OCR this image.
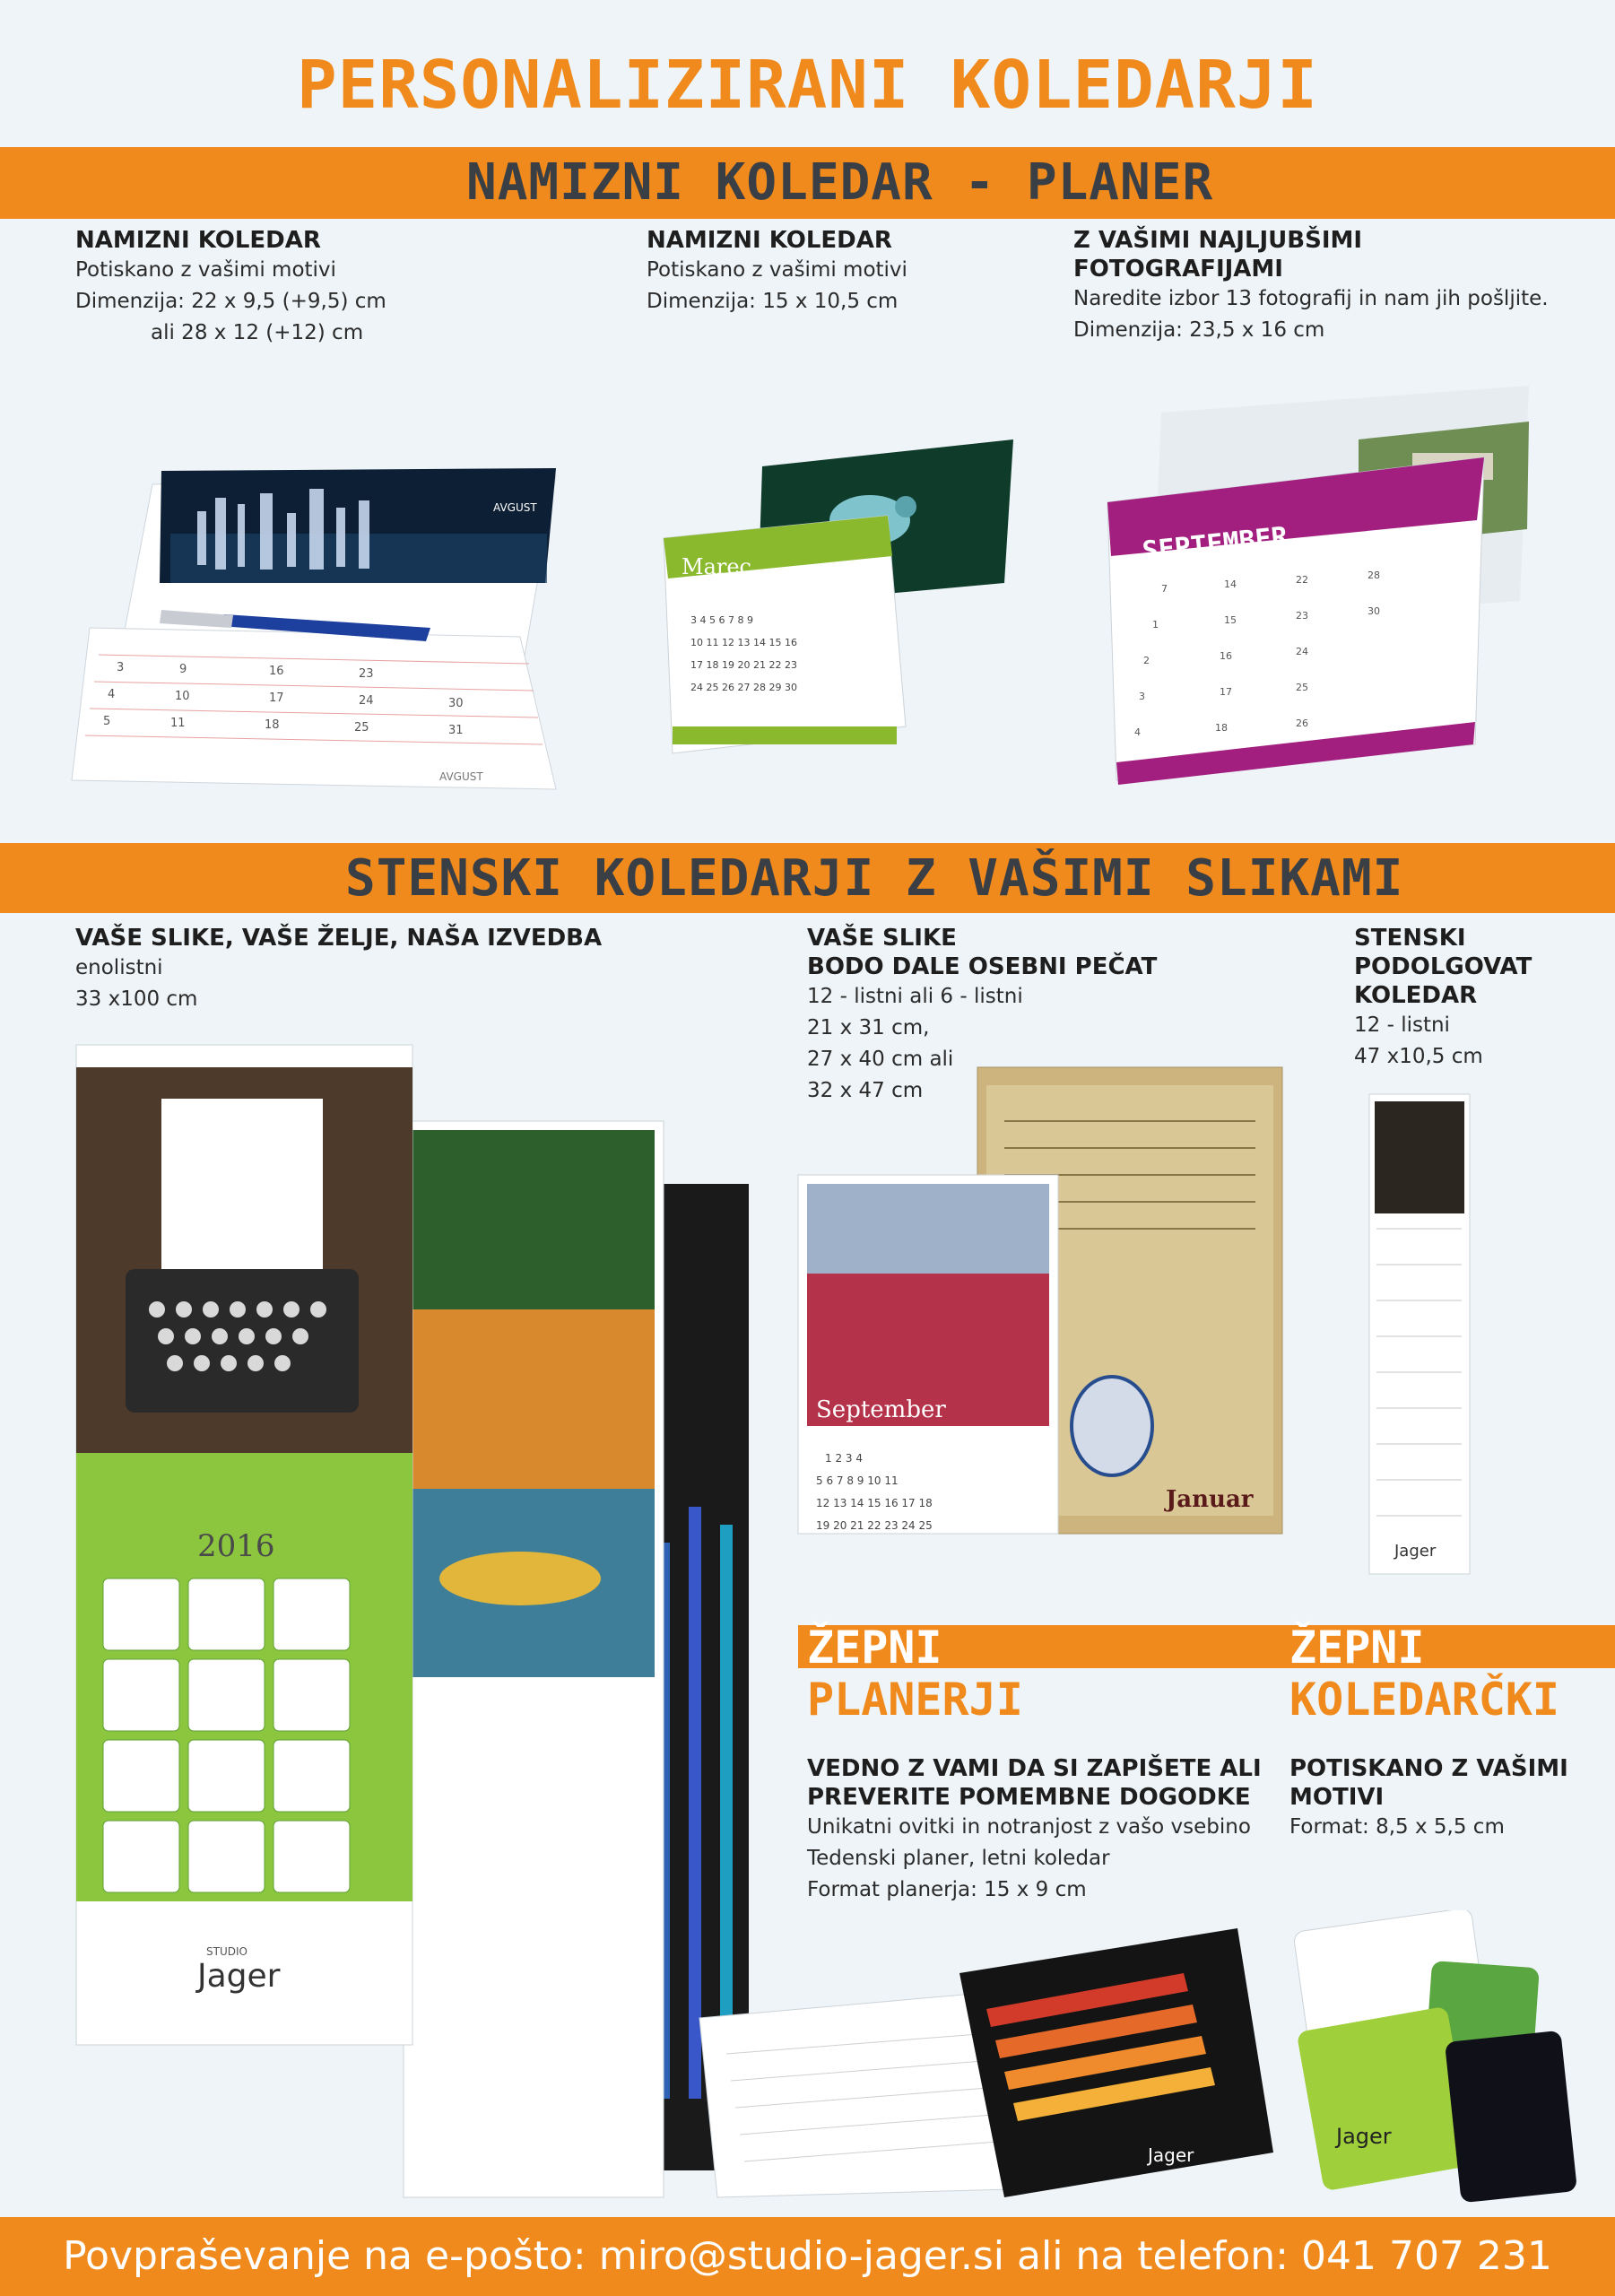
PERSONALIZIRANI KOLEDARJI
NAMIZNI KOLEDAR - PLANER
NAMIZNI KOLEDAR
Potiskano z vašimi motivi
Dimenzija: 22 x 9,5 (+9,5) cm
ali 28 x 12 (+12) cm
NAMIZNI KOLEDAR
Potiskano z vašimi motivi
Dimenzija: 15 x 10,5 cm
Z VAŠIMI NAJLJUBŠIMI
FOTOGRAFIJAMI
Naredite izbor 13 fotografij in nam jih pošljite.
Dimenzija: 23,5 x 16 cm
AVGUST
3	9	16	23
4	10	17	24	30
5	11	18	25	31
AVGUST
Marec
3 4 5 6 7 8 9
10 11 12 13 14 15 16
17 18 19 20 21 22 23
24 25 26 27 28 29 30
SEPTEMBER
7	14	22	28
1	15	23	30
2	16	24
3	17	25
4	18	26
STENSKI KOLEDARJI Z VAŠIMI SLIKAMI
VAŠE SLIKE, VAŠE ŽELJE, NAŠA IZVEDBA
enolistni
33 x100 cm
VAŠE SLIKE
BODO DALE OSEBNI PEČAT
12 - listni ali 6 - listni
21 x 31 cm,
27 x 40 cm ali
32 x 47 cm
STENSKI
PODOLGOVAT
KOLEDAR
12 - listni
47 x10,5 cm
2016
STUDIO
Jager
Januar
September
1 2 3 4
5 6 7 8 9 10 11
12 13 14 15 16 17 18
19 20 21 22 23 24 25
Jager
ŽEPNI
PLANERJI
VEDNO Z VAMI DA SI ZAPIŠETE ALI PREVERITE POMEMBNE DOGODKE
Unikatni ovitki in notranjost z vašo vsebino
Tedenski planer, letni koledar
Format planerja: 15 x 9 cm
ŽEPNI
KOLEDARČKI
POTISKANO Z VAŠIMI MOTIVI
Format: 8,5 x 5,5 cm
Jager
Jager
Povpraševanje na e-pošto: miro@studio-jager.si ali na telefon: 041 707 231
